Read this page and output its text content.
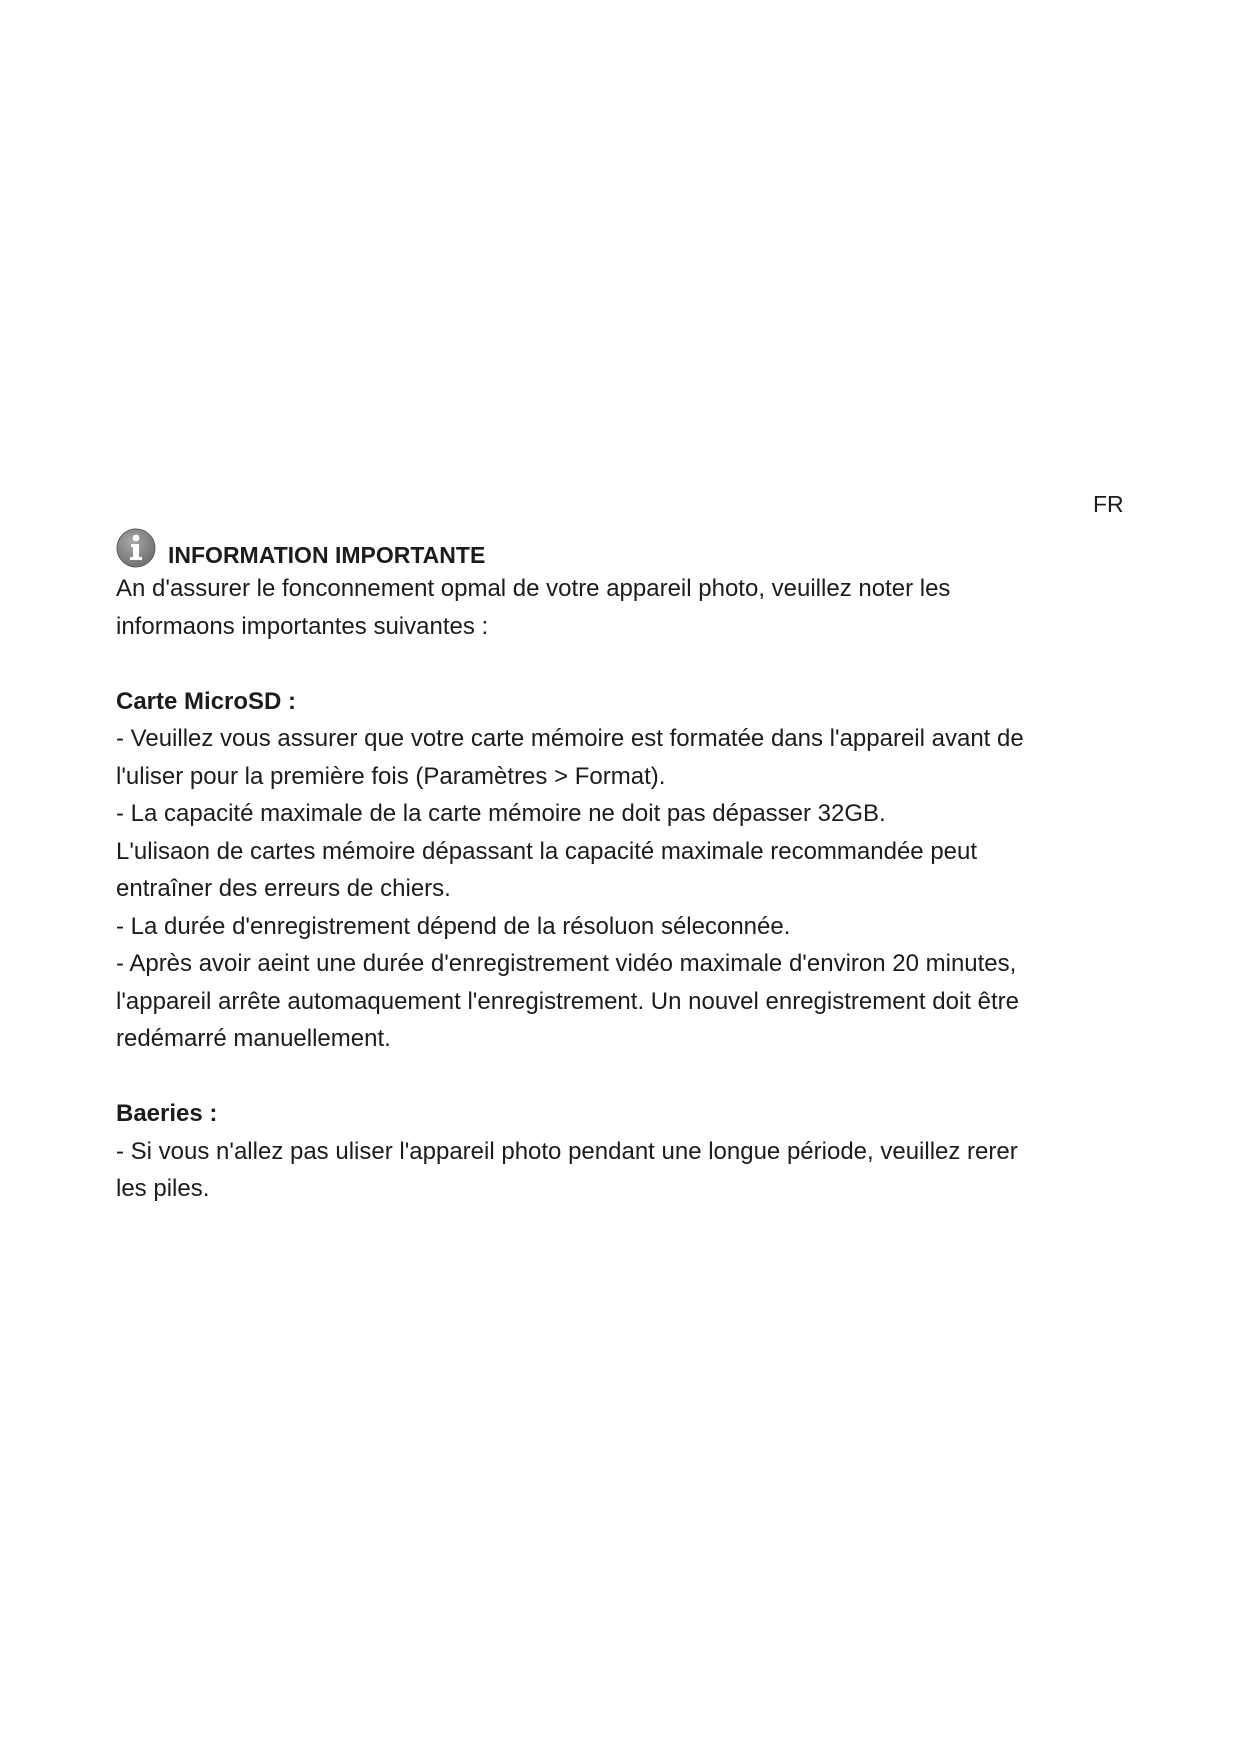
FR
INFORMATION IMPORTANTE

An d'assurer le fonconnement opmal de votre appareil photo, veuillez noter les

informaons importantes suivantes :

Carte MicroSD :

- Veuillez vous assurer que votre carte mémoire est formatée dans l'appareil avant de

l'uliser pour la première fois (Paramètres > Format).

- La capacité maximale de la carte mémoire ne doit pas dépasser 32GB.

L'ulisaon de cartes mémoire dépassant la capacité maximale recommandée peut

entraîner des erreurs de chiers.

- La durée d'enregistrement dépend de la résoluon séleconnée.

- Après avoir aeint une durée d'enregistrement vidéo maximale d'environ 20 minutes,

l'appareil arrête automaquement l'enregistrement. Un nouvel enregistrement doit être

redémarré manuellement.

Baeries :

- Si vous n'allez pas uliser l'appareil photo pendant une longue période, veuillez rerer

les piles.
